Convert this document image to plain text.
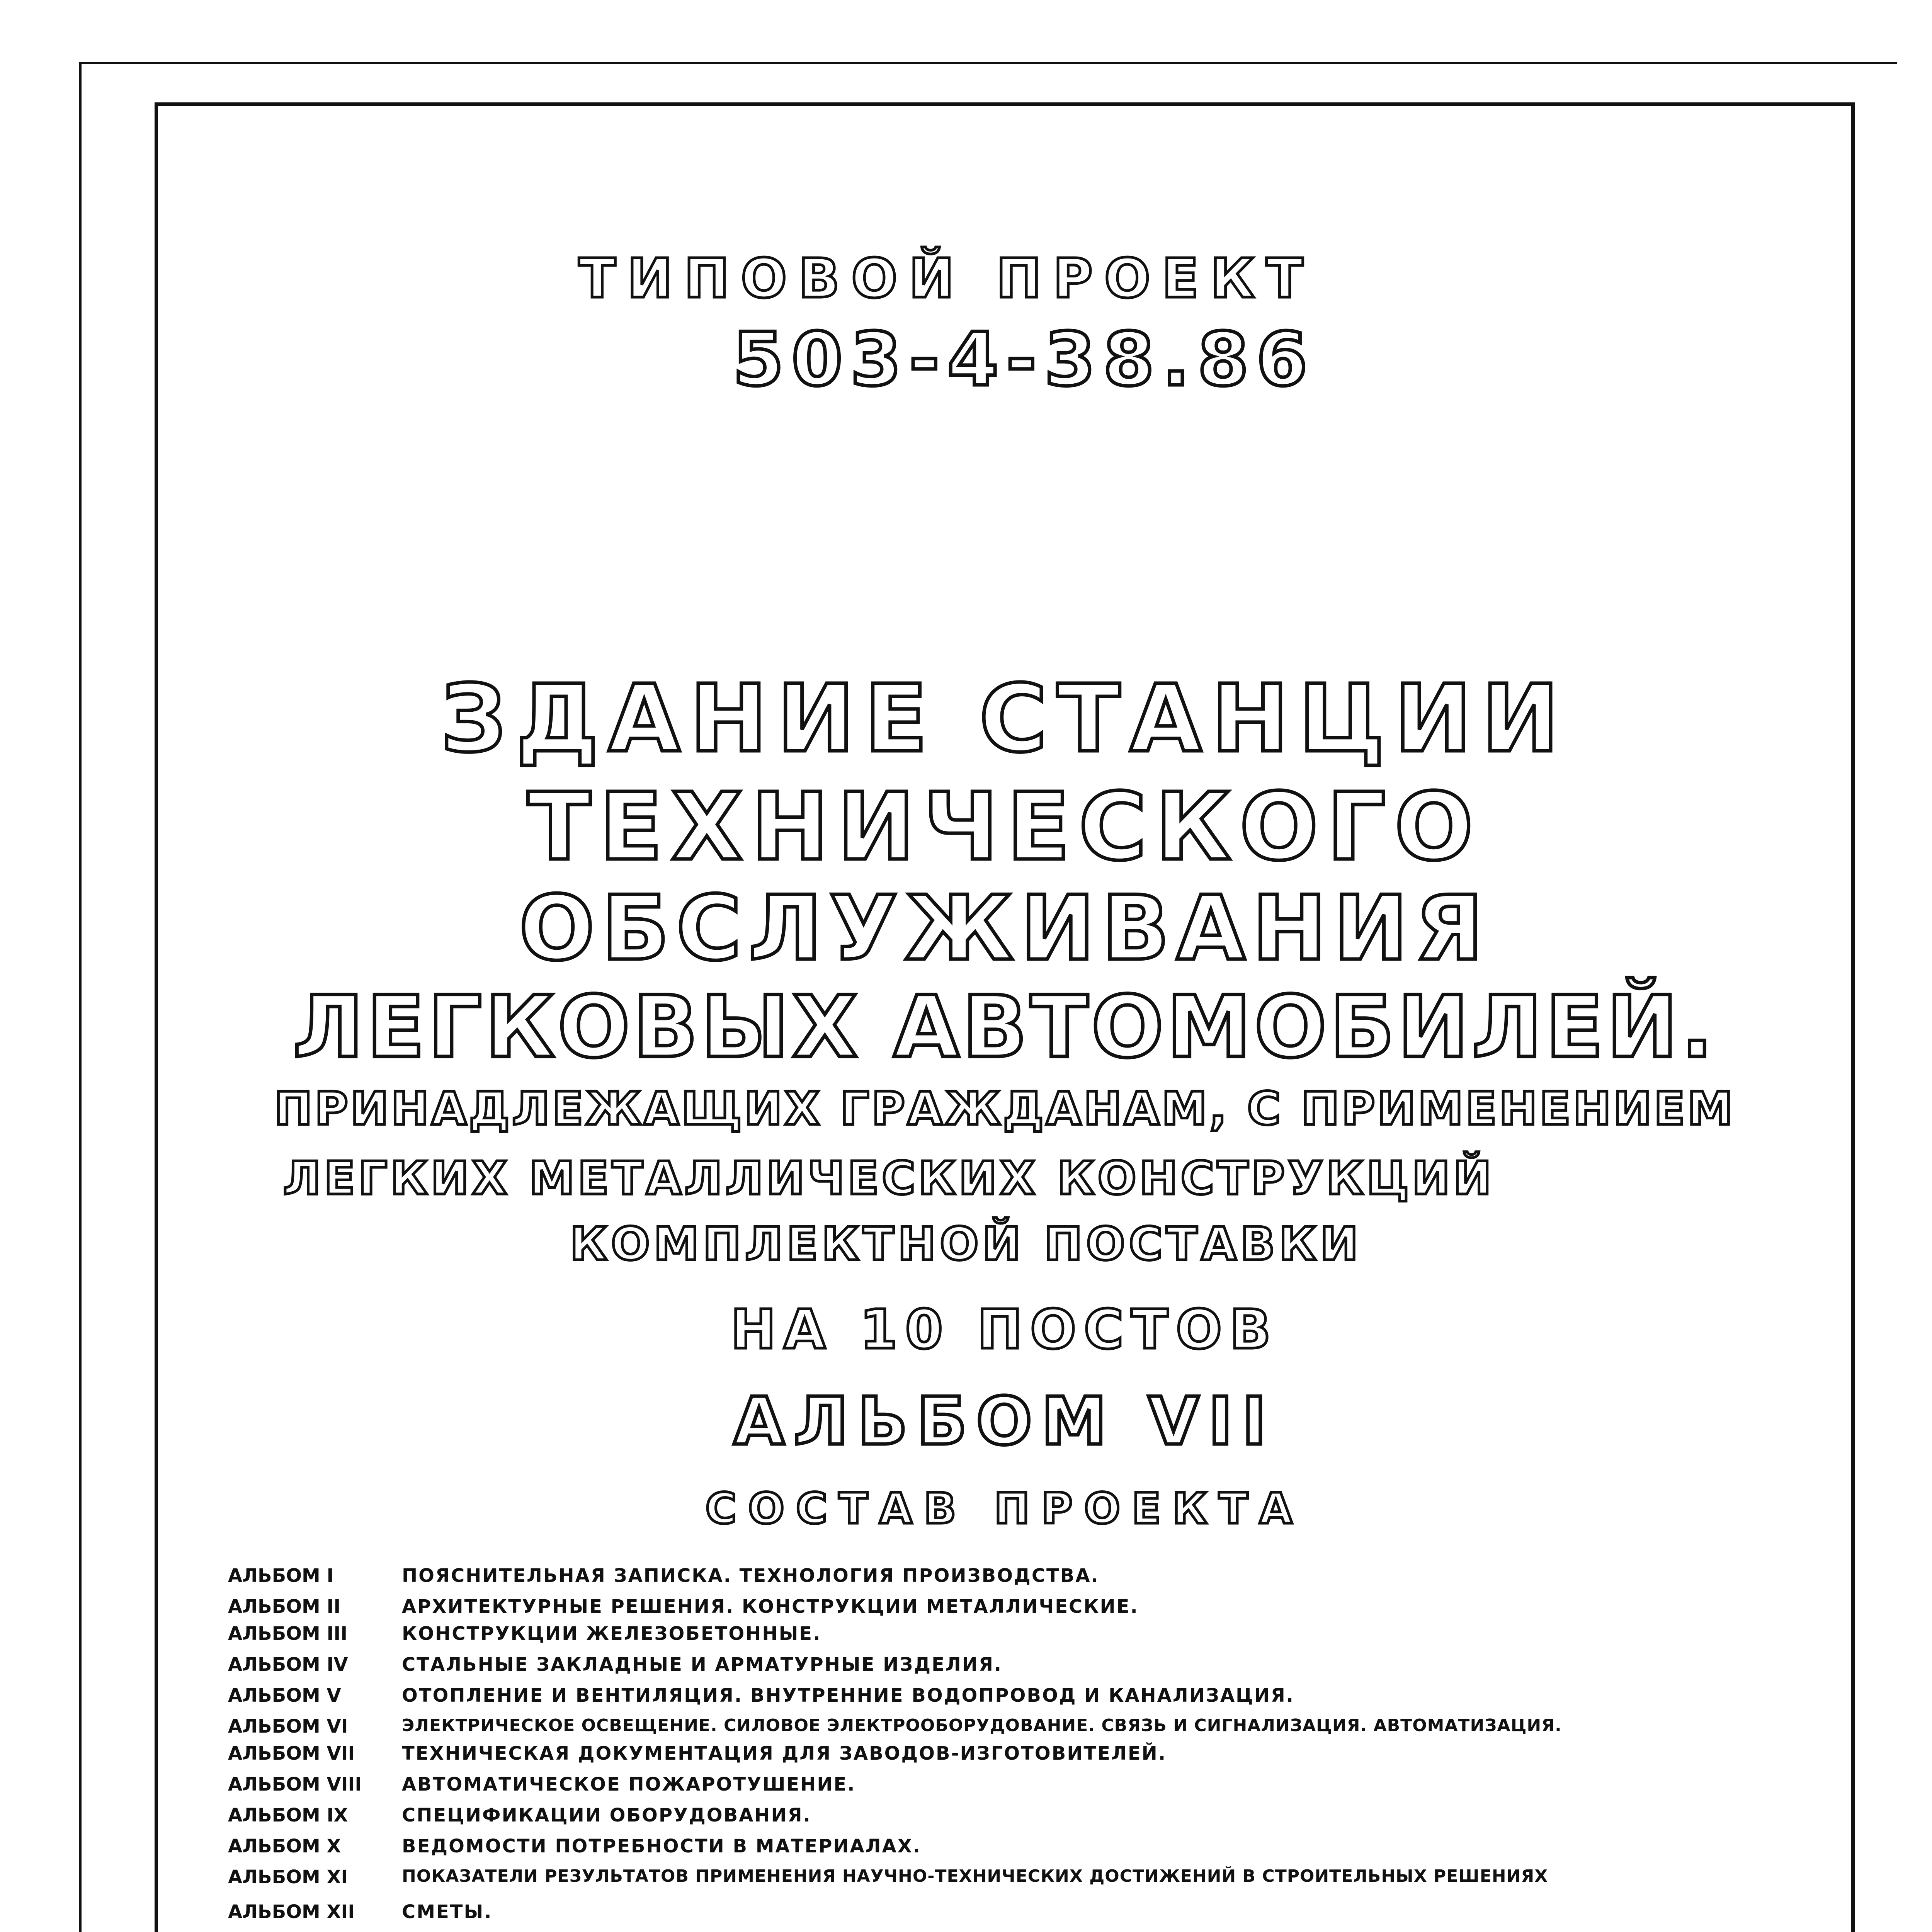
ТИПОВОЙ ПРОЕКТ
503-4-38.86
ЗДАНИЕ СТАНЦИИ
ТЕХНИЧЕСКОГО
ОБСЛУЖИВАНИЯ
ЛЕГКОВЫХ АВТОМОБИЛЕЙ.
ПРИНАДЛЕЖАЩИХ ГРАЖДАНАМ, С ПРИМЕНЕНИЕМ
ЛЕГКИХ МЕТАЛЛИЧЕСКИХ КОНСТРУКЦИЙ
КОМПЛЕКТНОЙ ПОСТАВКИ
НА 10 ПОСТОВ
АЛЬБОМ VII
СОСТАВ ПРОЕКТА
АЛЬБОМ I	ПОЯСНИТЕЛЬНАЯ ЗАПИСКА. ТЕХНОЛОГИЯ ПРОИЗВОДСТВА.
АЛЬБОМ II	АРХИТЕКТУРНЫЕ РЕШЕНИЯ. КОНСТРУКЦИИ МЕТАЛЛИЧЕСКИЕ.
АЛЬБОМ III	КОНСТРУКЦИИ ЖЕЛЕЗОБЕТОННЫЕ.
АЛЬБОМ IV	СТАЛЬНЫЕ ЗАКЛАДНЫЕ И АРМАТУРНЫЕ ИЗДЕЛИЯ.
АЛЬБОМ V	ОТОПЛЕНИЕ И ВЕНТИЛЯЦИЯ. ВНУТРЕННИЕ ВОДОПРОВОД И КАНАЛИЗАЦИЯ.
АЛЬБОМ VI	ЭЛЕКТРИЧЕСКОЕ ОСВЕЩЕНИЕ. СИЛОВОЕ ЭЛЕКТРООБОРУДОВАНИЕ. СВЯЗЬ И СИГНАЛИЗАЦИЯ. АВТОМАТИЗАЦИЯ.
АЛЬБОМ VII	ТЕХНИЧЕСКАЯ ДОКУМЕНТАЦИЯ ДЛЯ ЗАВОДОВ-ИЗГОТОВИТЕЛЕЙ.
АЛЬБОМ VIII	АВТОМАТИЧЕСКОЕ ПОЖАРОТУШЕНИЕ.
АЛЬБОМ IX	СПЕЦИФИКАЦИИ ОБОРУДОВАНИЯ.
АЛЬБОМ X	ВЕДОМОСТИ ПОТРЕБНОСТИ В МАТЕРИАЛАХ.
АЛЬБОМ XI	ПОКАЗАТЕЛИ РЕЗУЛЬТАТОВ ПРИМЕНЕНИЯ НАУЧНО-ТЕХНИЧЕСКИХ ДОСТИЖЕНИЙ В СТРОИТЕЛЬНЫХ РЕШЕНИЯХ
АЛЬБОМ XII	СМЕТЫ.
